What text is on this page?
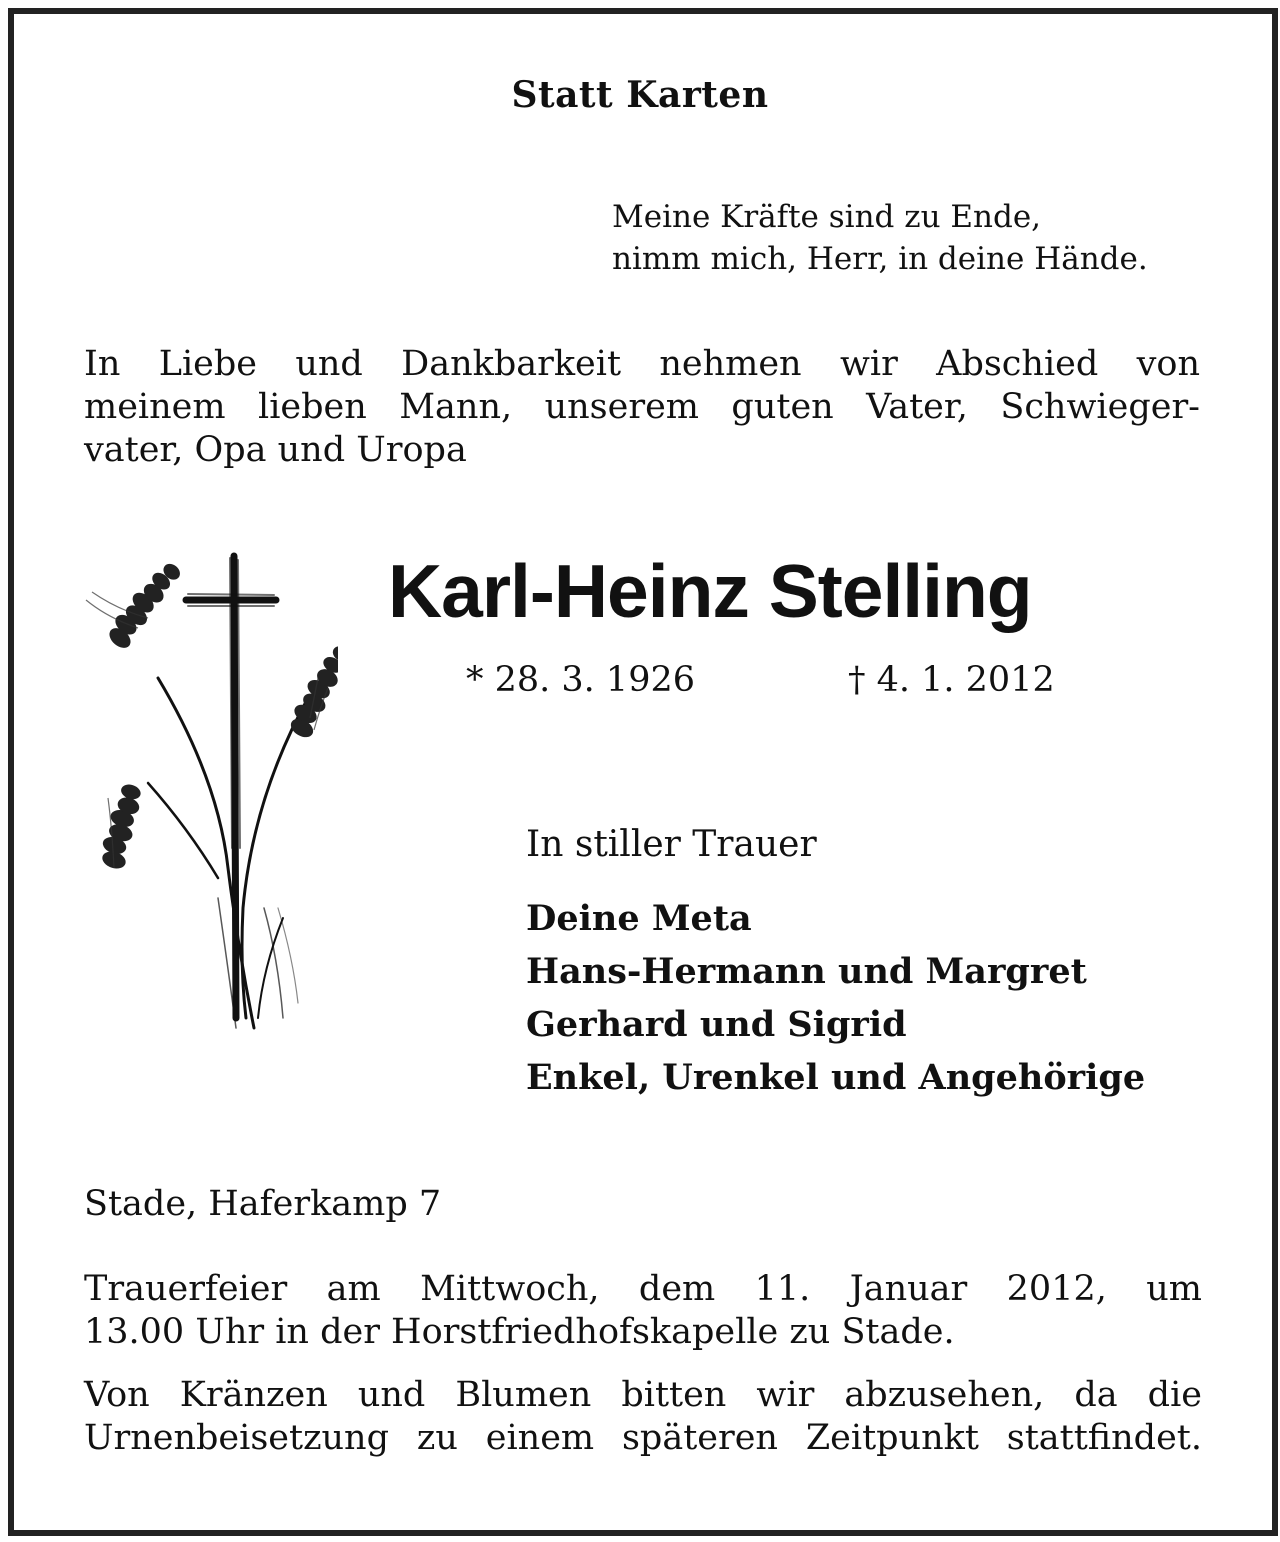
Statt Karten
Meine Kräfte sind zu Ende,
nimm mich, Herr, in deine Hände.
In Liebe und Dankbarkeit nehmen wir Abschied von
meinem lieben Mann, unserem guten Vater, Schwieger-
vater, Opa und Uropa
Karl-Heinz Stelling
* 28. 3. 1926	† 4. 1. 2012
In stiller Trauer
Deine Meta
Hans-Hermann und Margret
Gerhard und Sigrid
Enkel, Urenkel und Angehörige
Stade, Haferkamp 7
Trauerfeier am Mittwoch, dem 11. Januar 2012, um
13.00 Uhr in der Horstfriedhofskapelle zu Stade.
Von Kränzen und Blumen bitten wir abzusehen, da die
Urnenbeisetzung zu einem späteren Zeitpunkt stattfindet.
